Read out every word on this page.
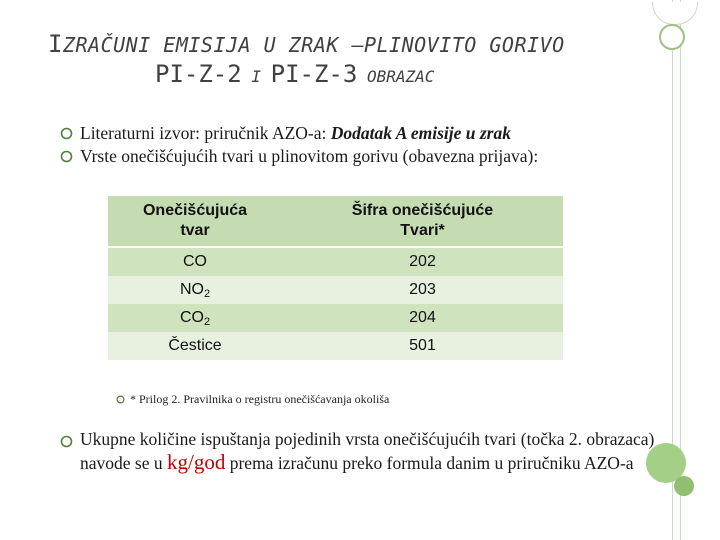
IZRAČUNI EMISIJA U ZRAK –PLINOVITO GORIVO
PI-Z-2 I PI-Z-3 OBRAZAC
Literaturni izvor: priručnik AZO-a: Dodatak A emisije u zrak
Vrste onečišćujućih tvari u plinovitom gorivu (obavezna prijava):
Onečišćujuća
tvar	Šifra onečišćujuće
Tvari*
CO	202
$NO_2$	203
$CO_2$	204
Čestice	501
* Prilog 2. Pravilnika o registru onečišćavanja okoliša
Ukupne količine ispuštanja pojedinih vrsta onečišćujućih tvari (točka 2. obrazaca) navode se u kg/god prema izračunu preko formula danim u priručniku AZO-a
